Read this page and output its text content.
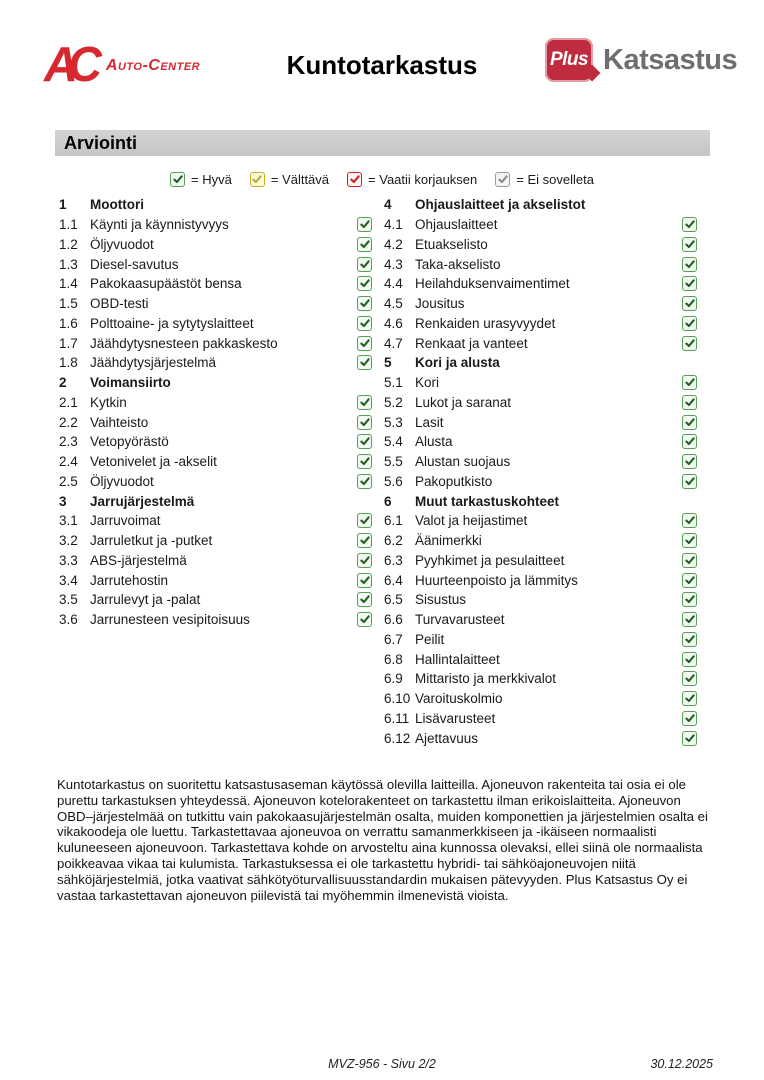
AC Auto-Center	Kuntotarkastus	Plus Katsastus
Arviointi
= Hyvä	= Välttävä	= Vaatii korjauksen	= Ei sovelleta
1	Moottori
1.1 Käynti ja käynnistyvyys
1.2 Öljyvuodot
1.3 Diesel-savutus
1.4 Pakokaasupäästöt bensa
1.5 OBD-testi
1.6 Polttoaine- ja sytytyslaitteet
1.7 Jäähdytysnesteen pakkaskesto
1.8 Jäähdytysjärjestelmä
2	Voimansiirto
2.1 Kytkin
2.2 Vaihteisto
2.3 Vetopyörästö
2.4 Vetonivelet ja -akselit
2.5 Öljyvuodot
3	Jarrujärjestelmä
3.1 Jarruvoimat
3.2 Jarruletkut ja -putket
3.3 ABS-järjestelmä
3.4 Jarrutehostin
3.5 Jarrulevyt ja -palat
3.6 Jarrunesteen vesipitoisuus
4	Ohjauslaitteet ja akselistot
4.1 Ohjauslaitteet
4.2 Etuakselisto
4.3 Taka-akselisto
4.4 Heilahduksenvaimentimet
4.5 Jousitus
4.6 Renkaiden urasyvyydet
4.7 Renkaat ja vanteet
5	Kori ja alusta
5.1 Kori
5.2 Lukot ja saranat
5.3 Lasit
5.4 Alusta
5.5 Alustan suojaus
5.6 Pakoputkisto
6	Muut tarkastuskohteet
6.1 Valot ja heijastimet
6.2 Äänimerkki
6.3 Pyyhkimet ja pesulaitteet
6.4 Huurteenpoisto ja lämmitys
6.5 Sisustus
6.6 Turvavarusteet
6.7 Peilit
6.8 Hallintalaitteet
6.9 Mittaristo ja merkkivalot
6.10 Varoituskolmio
6.11 Lisävarusteet
6.12 Ajettavuus
Kuntotarkastus on suoritettu katsastusaseman käytössä olevilla laitteilla. Ajoneuvon rakenteita tai osia ei ole purettu tarkastuksen yhteydessä. Ajoneuvon kotelorakenteet on tarkastettu ilman erikoislaitteita. Ajoneuvon OBD–järjestelmää on tutkittu vain pakokaasujärjestelmän osalta, muiden komponettien ja järjestelmien osalta ei vikakoodeja ole luettu. Tarkastettavaa ajoneuvoa on verrattu samanmerkkiseen ja -ikäiseen normaalisti kuluneeseen ajoneuvoon. Tarkastettava kohde on arvosteltu aina kunnossa olevaksi, ellei siinä ole normaalista poikkeavaa vikaa tai kulumista. Tarkastuksessa ei ole tarkastettu hybridi- tai sähköajoneuvojen niitä sähköjärjestelmiä, jotka vaativat sähkötyöturvallisuusstandardin mukaisen pätevyyden. Plus Katsastus Oy ei vastaa tarkastettavan ajoneuvon piilevistä tai myöhemmin ilmenevistä vioista.
MVZ-956 - Sivu 2/2	30.12.2025
